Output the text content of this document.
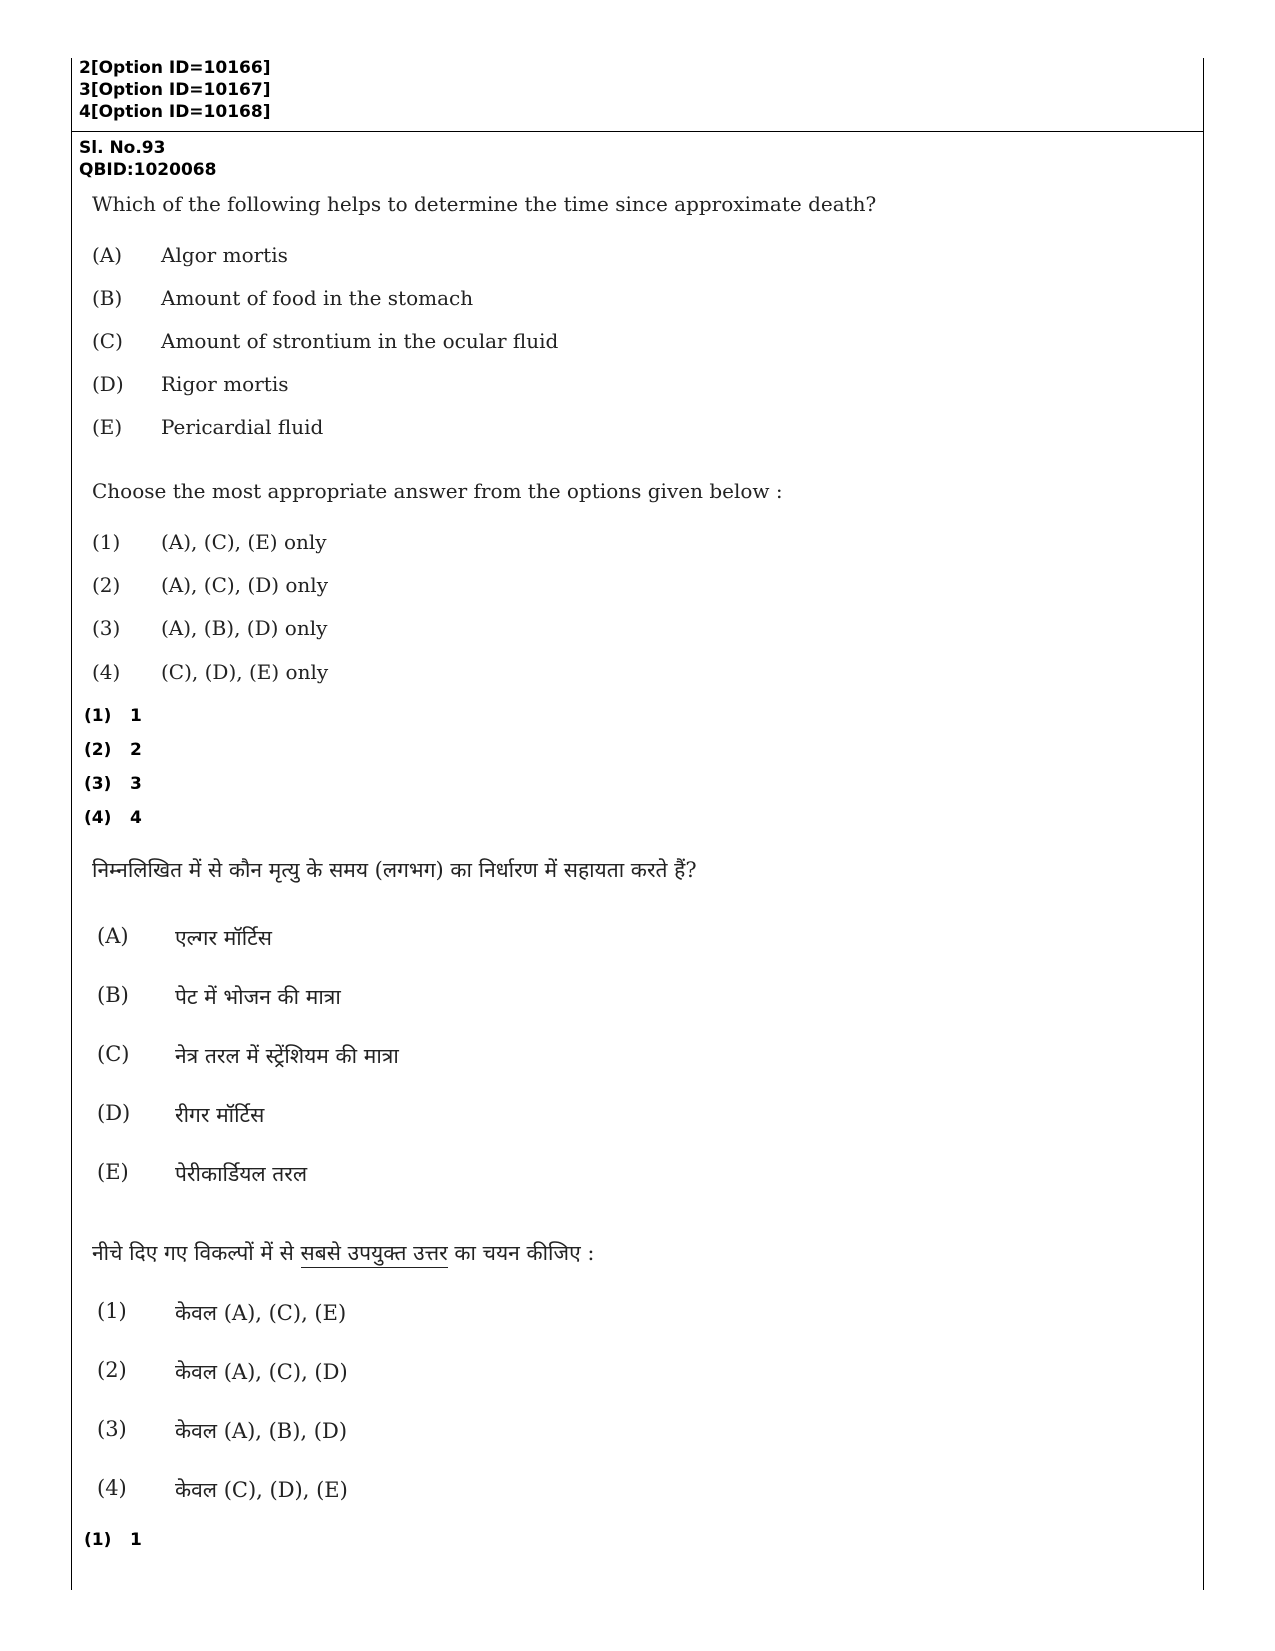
2[Option ID=10166]
3[Option ID=10167]
4[Option ID=10168]
Sl. No.93
QBID:1020068
Which of the following helps to determine the time since approximate death?
(A) Algor mortis
(B) Amount of food in the stomach
(C) Amount of strontium in the ocular fluid
(D) Rigor mortis
(E) Pericardial fluid
Choose the most appropriate answer from the options given below :
(1) (A), (C), (E) only
(2) (A), (C), (D) only
(3) (A), (B), (D) only
(4) (C), (D), (E) only
(1) 1
(2) 2
(3) 3
(4) 4
निम्नलिखित में से कौन मृत्यु के समय (लगभग) का निर्धारण में सहायता करते हैं?
(A) एल्गर मॉर्टिस
(B) पेट में भोजन की मात्रा
(C) नेत्र तरल में स्ट्रेंशियम की मात्रा
(D) रीगर मॉर्टिस
(E) पेरीकार्डियल तरल
नीचे दिए गए विकल्पों में से सबसे उपयुक्त उत्तर का चयन कीजिए :
(1) केवल (A), (C), (E)
(2) केवल (A), (C), (D)
(3) केवल (A), (B), (D)
(4) केवल (C), (D), (E)
(1) 1
